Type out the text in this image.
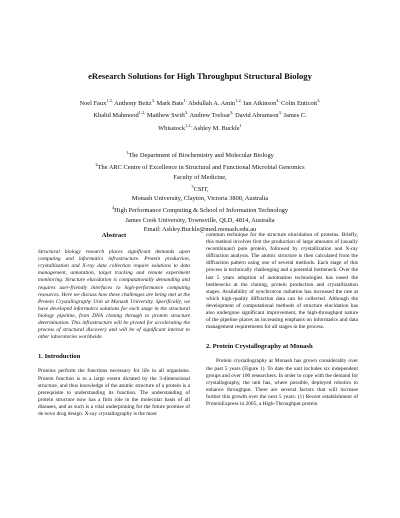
eResearch Solutions for High Throughput Structural Biology
Noel Faux$^{1,2,}$ Anthony Beitz$^{3,}$ Mark Bate$^{1,}$ Abdullah A. Amin$^{1,2,}$ Ian Atkinson$^{4,}$ Colin Enticott$^{3,}$
Khalid Mahmood$^{1,2,}$ Matthew Swift$^{3,}$ Andrew Treloar$^{3,}$ David Abramson$^{3,}$ James C.
Whisstock$^{1,2,}$ Ashley M. Buckle$^1$
$^1$The Department of Biochemistry and Molecular Biology
$^2$The ARC Centre of Excellence in Structural and Functional Microbial Genomics
Faculty of Medicine,
$^3$CSIT,
Monash University, Clayton, Victoria 3800, Australia
$^4$High Performance Computing & School of Information Technology
James Cook University, Townsville, QLD, 4814, Australia
Email: Ashley.Buckle@med.monash.edu.au
Abstract

Structural biology research places significant demands upon computing and informatics infrastructure. Protein production, crystallization and X-ray data collection require solutions to data management, annotation, target tracking and remote experiment monitoring. Structure elucidation is computationally demanding and requires user-friendly interfaces to high-performance computing resources. Here we discuss how these challenges are being met at the Protein Crystallography Unit at Monash University. Specifically, we have developed informatics solutions for each stage in the structural biology pipeline, from DNA cloning through to protein structure determination. This infrastructure will be pivotal for accelerating the process of structural discovery and will be of significant interest to other laboratories worldwide.

1. Introduction

Proteins perform the functions necessary for life in all organisms. Protein function is to a large extent dictated by the 3-dimensional structure, and thus knowledge of the atomic structure of a protein is a prerequisite to understanding its function. The understanding of protein structure now has a firm role in the molecular basis of all diseases, and as such is a vital underpinning for the future promise of de novo drug design. X-ray crystallography is the most

common technique for the structure elucidation of proteins. Briefly, this method involves first the production of large amounts of (usually recombinant) pure protein, followed by crystallization and X-ray diffraction analysis. The atomic structure is then calculated from the diffraction pattern using one of several methods. Each stage of this process is technically challenging and a potential bottleneck. Over the last 5 years adoption of automation technologies has eased the bottlenecks at the cloning, protein production and crystallization stages. Availability of synchrotron radiation has increased the rate at which high-quality diffraction data can be collected. Although the development of computational methods of structure elucidation has also undergone significant improvement, the high-throughput nature of the pipeline places an increasing emphasis on informatics and data management requirements for all stages in the process.

2. Protein Crystallography at Monash

Protein crystallography at Monash has grown considerably over the past 5 years (Figure 1). To date the unit includes six independent groups and over 100 researchers. In order to cope with the demand for crystallography, the unit has, where possible, deployed robotics to enhance throughput. There are several factors that will increase further this growth over the next 5 years: (1) Recent establishment of ProteinExpress in 2005, a High-Throughput protein
